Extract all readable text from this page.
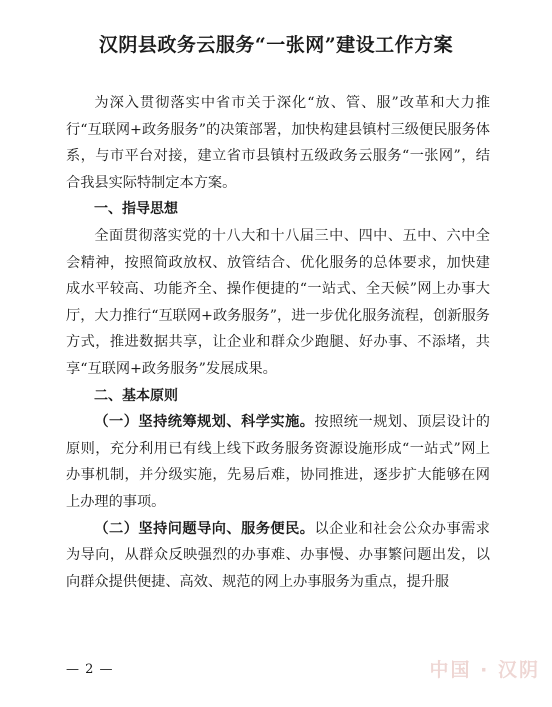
汉阴县政务云服务“一张网”建设工作方案

为深入贯彻落实中省市关于深化“放、管、服”改革和大力推行“互联网+政务服务”的决策部署，加快构建县镇村三级便民服务体系，与市平台对接，建立省市县镇村五级政务云服务“一张网”，结合我县实际特制定本方案。

一、指导思想

全面贯彻落实党的十八大和十八届三中、四中、五中、六中全会精神，按照简政放权、放管结合、优化服务的总体要求，加快建成水平较高、功能齐全、操作便捷的“一站式、全天候”网上办事大厅，大力推行“互联网+政务服务”，进一步优化服务流程，创新服务方式，推进数据共享，让企业和群众少跑腿、好办事、不添堵，共享“互联网+政务服务”发展成果。

二、基本原则

（一）坚持统筹规划、科学实施。按照统一规划、顶层设计的原则，充分利用已有线上线下政务服务资源设施形成“一站式”网上办事机制，并分级实施，先易后难，协同推进，逐步扩大能够在网上办理的事项。

（二）坚持问题导向、服务便民。以企业和社会公众办事需求为导向，从群众反映强烈的办事难、办事慢、办事繁问题出发，以向群众提供便捷、高效、规范的网上办事服务为重点，提升服

— 2 —	中国 · 汉阴
